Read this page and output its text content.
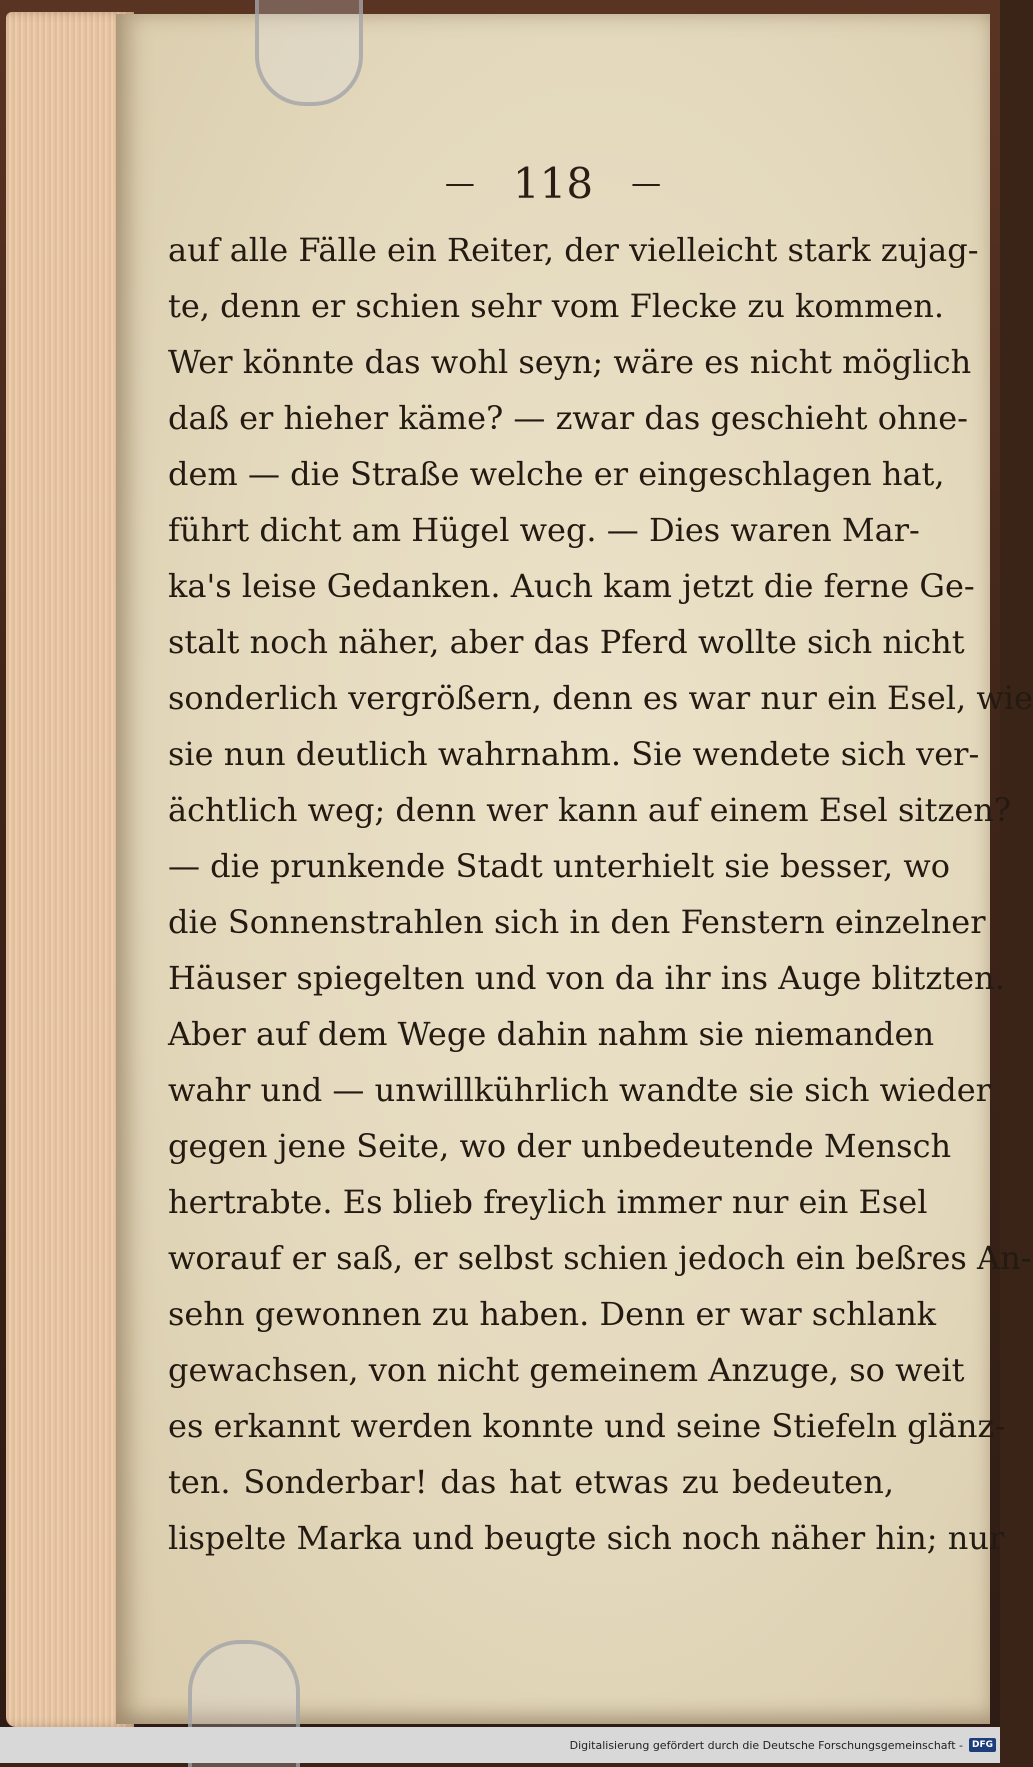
— 118 —
auf alle Fälle ein Reiter, der vielleicht stark zujag-
te, denn er schien sehr vom Flecke zu kommen.
Wer könnte das wohl seyn; wäre es nicht möglich
daß er hieher käme? — zwar das geschieht ohne-
dem — die Straße welche er eingeschlagen hat,
führt dicht am Hügel weg. — Dies waren Mar-
ka's leise Gedanken. Auch kam jetzt die ferne Ge-
stalt noch näher, aber das Pferd wollte sich nicht
sonderlich vergrößern, denn es war nur ein Esel, wie
sie nun deutlich wahrnahm. Sie wendete sich ver-
ächtlich weg; denn wer kann auf einem Esel sitzen?
— die prunkende Stadt unterhielt sie besser, wo
die Sonnenstrahlen sich in den Fenstern einzelner
Häuser spiegelten und von da ihr ins Auge blitzten.
Aber auf dem Wege dahin nahm sie niemanden
wahr und — unwillkührlich wandte sie sich wieder
gegen jene Seite, wo der unbedeutende Mensch
hertrabte. Es blieb freylich immer nur ein Esel
worauf er saß, er selbst schien jedoch ein beßres An-
sehn gewonnen zu haben. Denn er war schlank
gewachsen, von nicht gemeinem Anzuge, so weit
es erkannt werden konnte und seine Stiefeln glänz-
ten. Sonderbar! das hat etwas zu bedeuten,
lispelte Marka und beugte sich noch näher hin; nur
Digitalisierung gefördert durch die Deutsche Forschungsgemeinschaft -	DFG
